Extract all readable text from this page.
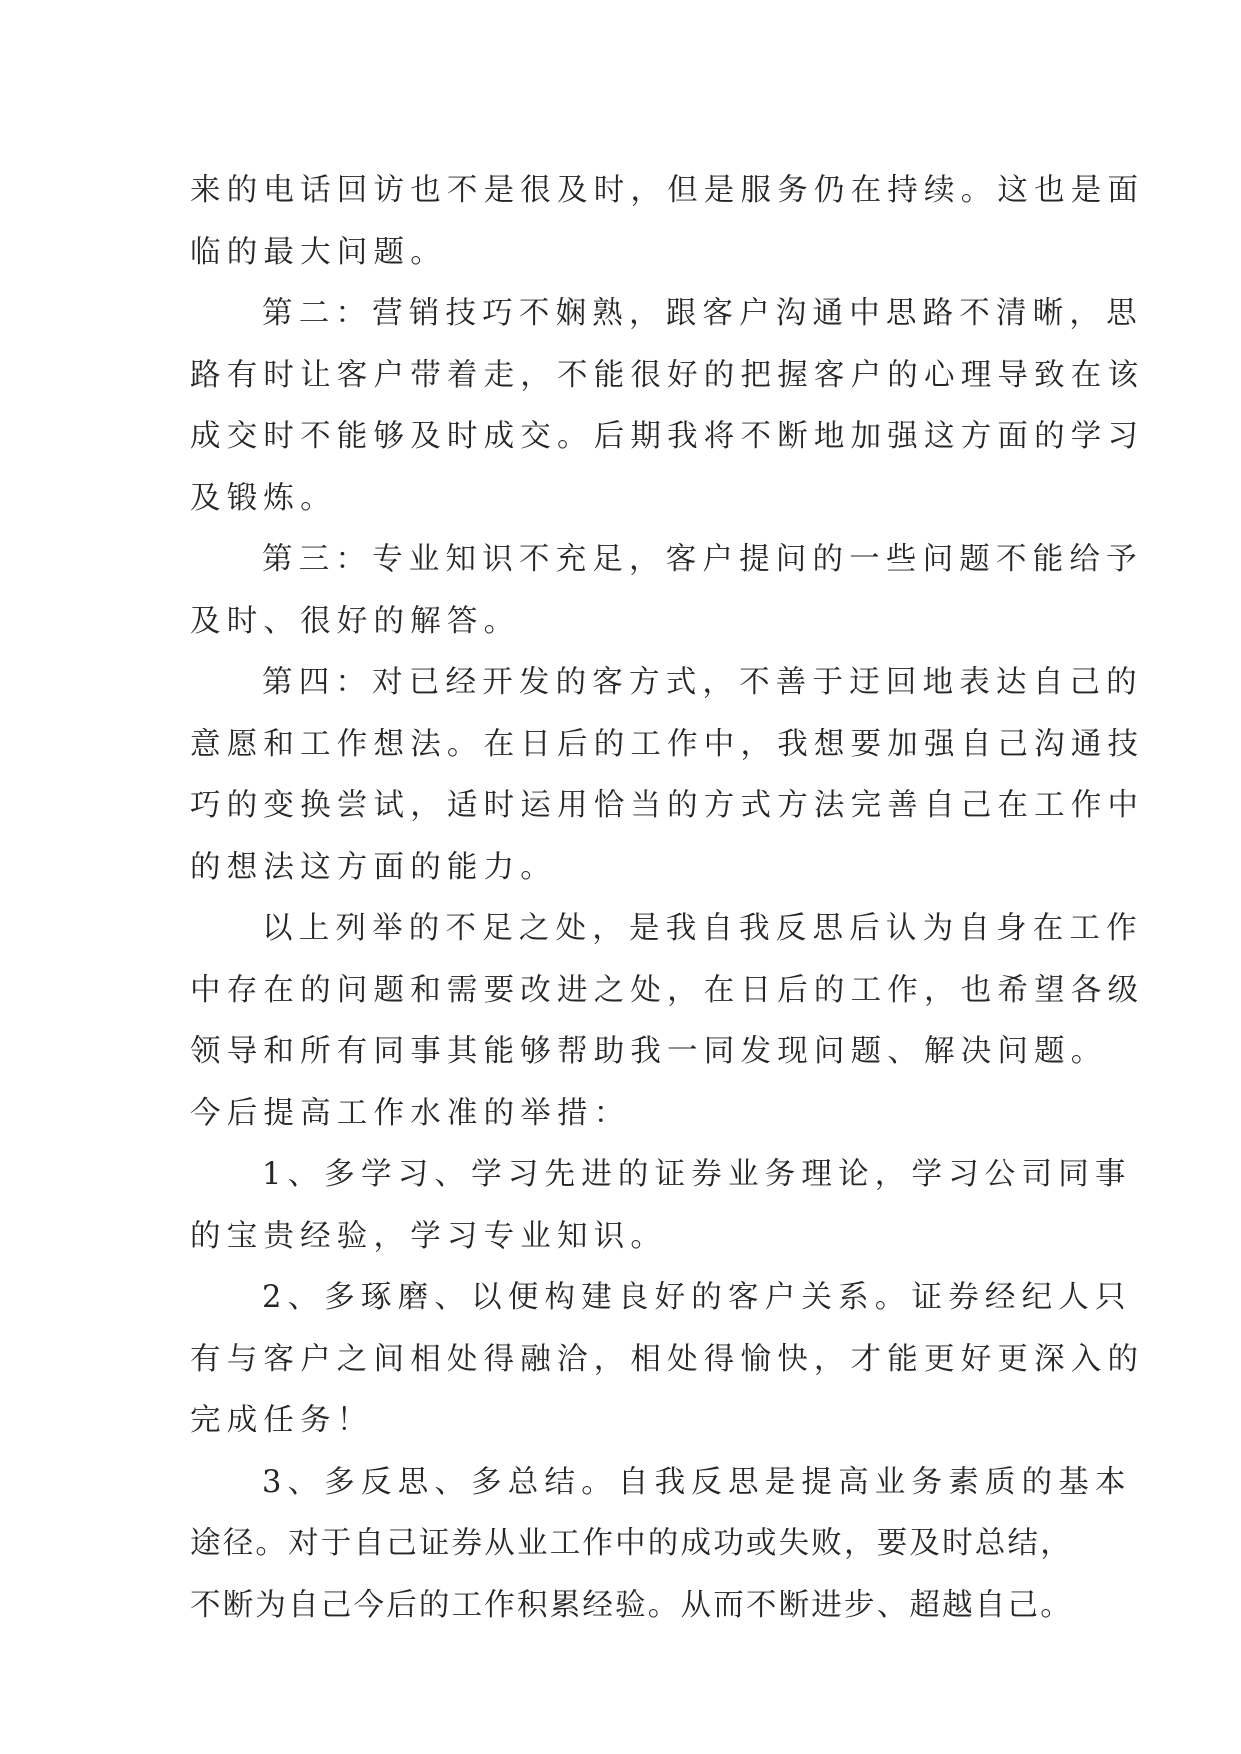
来的电话回访也不是很及时，但是服务仍在持续。这也是面
临的最大问题。

第二：营销技巧不娴熟，跟客户沟通中思路不清晰，思
路有时让客户带着走，不能很好的把握客户的心理导致在该
成交时不能够及时成交。后期我将不断地加强这方面的学习
及锻炼。

第三：专业知识不充足，客户提问的一些问题不能给予
及时、很好的解答。

第四：对已经开发的客方式，不善于迂回地表达自己的
意愿和工作想法。在日后的工作中，我想要加强自己沟通技
巧的变换尝试，适时运用恰当的方式方法完善自己在工作中
的想法这方面的能力。

以上列举的不足之处，是我自我反思后认为自身在工作
中存在的问题和需要改进之处，在日后的工作，也希望各级
领导和所有同事其能够帮助我一同发现问题、解决问题。

今后提高工作水准的举措：

1、多学习、学习先进的证券业务理论，学习公司同事
的宝贵经验，学习专业知识。

2、多琢磨、以便构建良好的客户关系。证券经纪人只
有与客户之间相处得融洽，相处得愉快，才能更好更深入的
完成任务！

3、多反思、多总结。自我反思是提高业务素质的基本
途径。对于自己证券从业工作中的成功或失败，要及时总结，
不断为自己今后的工作积累经验。从而不断进步、超越自己。
